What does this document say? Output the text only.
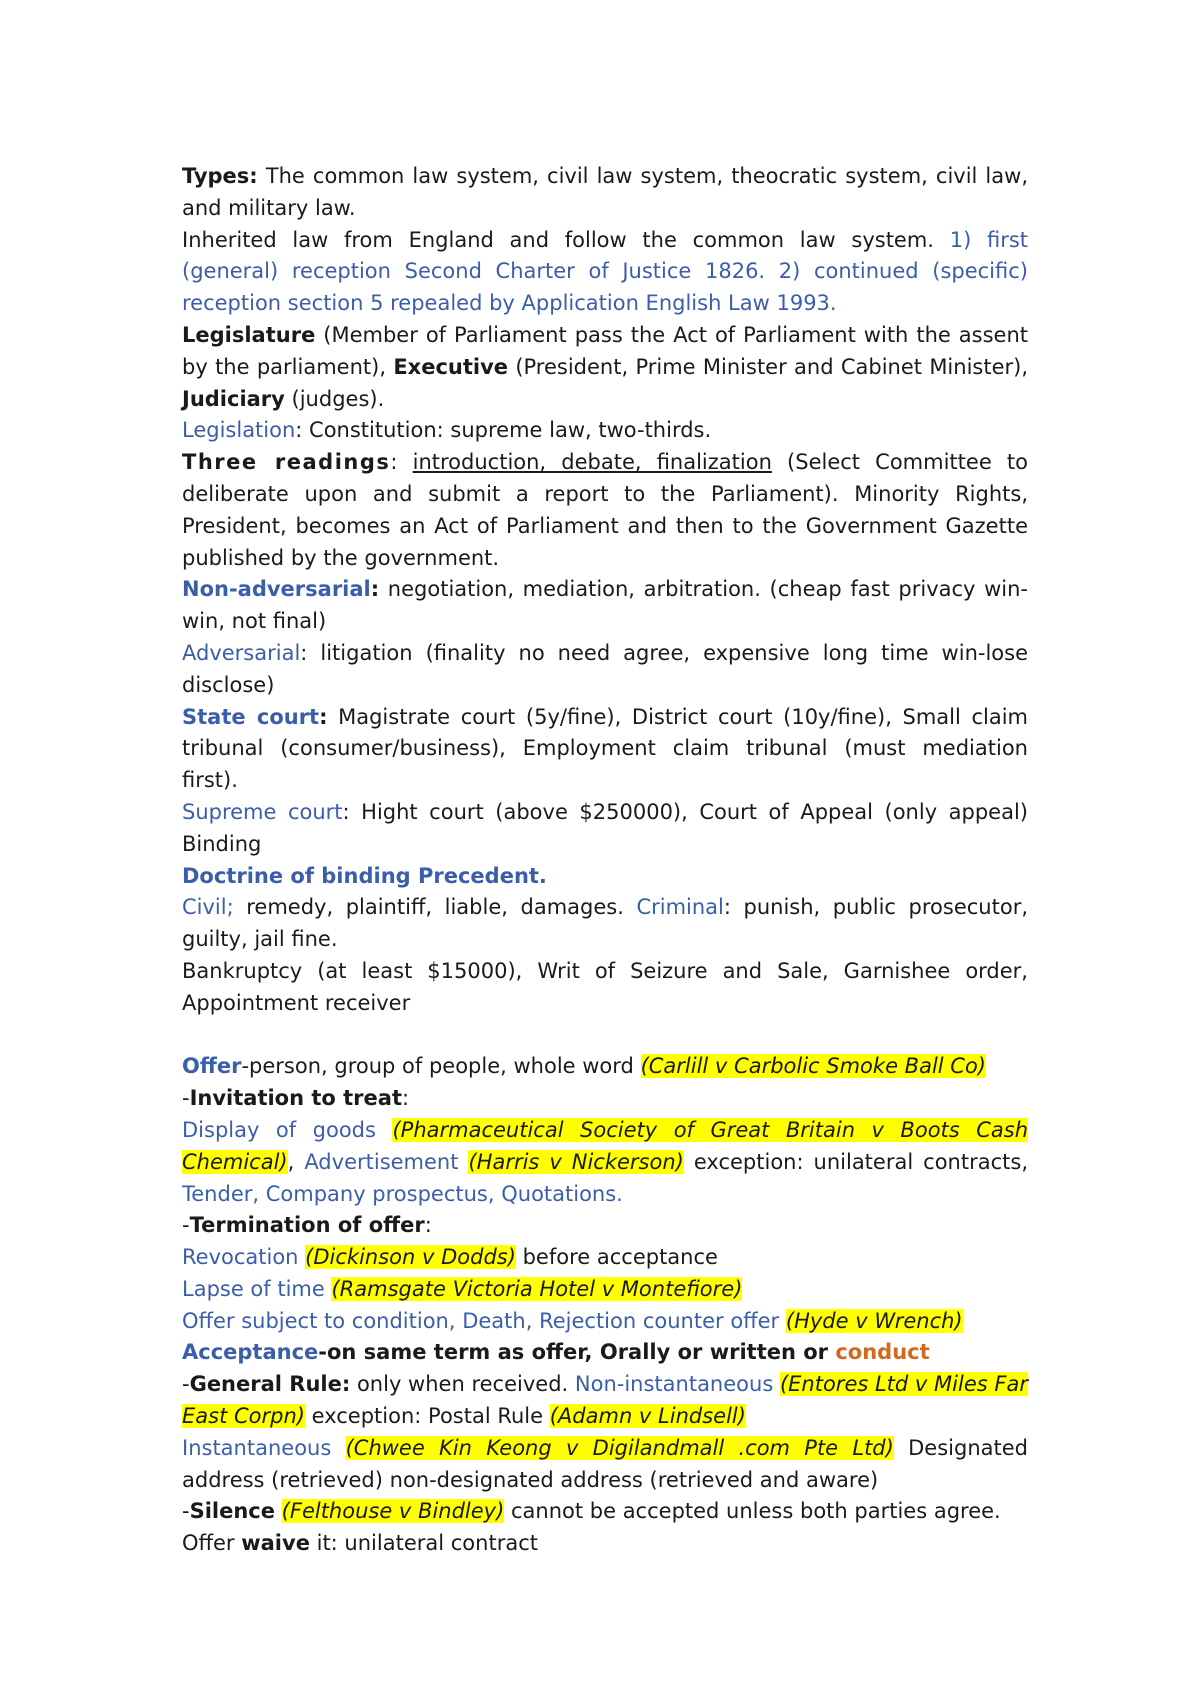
Types: The common law system, civil law system, theocratic system, civil law, and military law.

Inherited law from England and follow the common law system. 1) first (general) reception Second Charter of Justice 1826. 2) continued (specific) reception section 5 repealed by Application English Law 1993.

Legislature (Member of Parliament pass the Act of Parliament with the assent by the parliament), Executive (President, Prime Minister and Cabinet Minister), Judiciary (judges).

Legislation: Constitution: supreme law, two-thirds.

Three readings: introduction, debate, finalization (Select Committee to deliberate upon and submit a report to the Parliament). Minority Rights, President, becomes an Act of Parliament and then to the Government Gazette published by the government.

Non-adversarial: negotiation, mediation, arbitration. (cheap fast privacy win-win, not final)

Adversarial: litigation (finality no need agree, expensive long time win-lose disclose)

State court: Magistrate court (5y/fine), District court (10y/fine), Small claim tribunal (consumer/business), Employment claim tribunal (must mediation first).

Supreme court: Hight court (above $250000), Court of Appeal (only appeal) Binding

Doctrine of binding Precedent.

Civil; remedy, plaintiff, liable, damages. Criminal: punish, public prosecutor, guilty, jail fine.

Bankruptcy (at least $15000), Writ of Seizure and Sale, Garnishee order, Appointment receiver

Offer-person, group of people, whole word (Carlill v Carbolic Smoke Ball Co)

-Invitation to treat:

Display of goods (Pharmaceutical Society of Great Britain v Boots Cash Chemical), Advertisement (Harris v Nickerson) exception: unilateral contracts, Tender, Company prospectus, Quotations.

-Termination of offer:

Revocation (Dickinson v Dodds) before acceptance

Lapse of time (Ramsgate Victoria Hotel v Montefiore)

Offer subject to condition, Death, Rejection counter offer (Hyde v Wrench)

Acceptance-on same term as offer, Orally or written or conduct

-General Rule: only when received. Non-instantaneous (Entores Ltd v Miles Far East Corpn) exception: Postal Rule (Adamn v Lindsell)

Instantaneous (Chwee Kin Keong v Digilandmall .com Pte Ltd) Designated address (retrieved) non-designated address (retrieved and aware)

-Silence (Felthouse v Bindley) cannot be accepted unless both parties agree.

Offer waive it: unilateral contract
